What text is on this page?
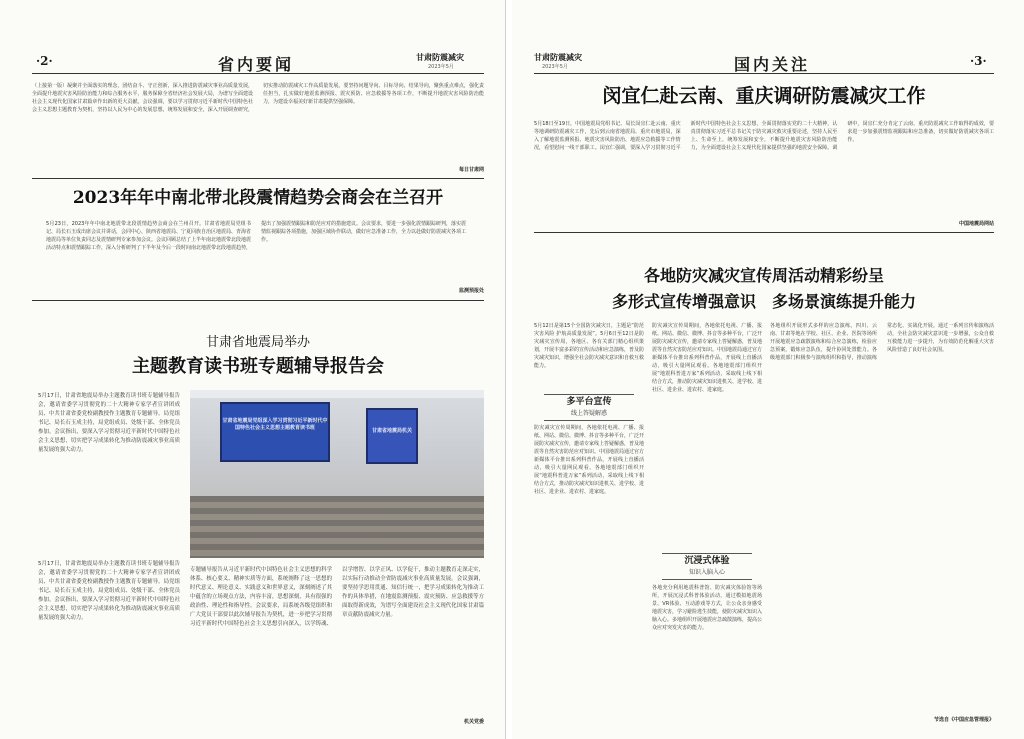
·2·	省内要闻	甘肃防震减灾
2023年5月
（上接第一版）凝聚并全面落实的理念，团结奋斗、守正创新，深入推进防震减灾事业高质量发展，全面提升地震灾害风险防治能力和综合服务水平，服务保障全省经济社会发展大局，为谱写全面建设社会主义现代化国家甘肃篇章作出新的更大贡献。会议强调，要以学习贯彻习近平新时代中国特色社会主义思想主题教育为契机，坚持以人民为中心的发展思想，统筹发展和安全，深入开展调查研究，切实推动防震减灾工作高质量发展。要坚持问题导向、目标导向、结果导向，聚焦重点难点，强化责任担当，扎实做好地震监测预报、震灾预防、应急救援等各项工作，不断提升地震灾害风险防治能力，为建设幸福美好新甘肃提供坚强保障。
每日甘肃网
2023年年中南北带北段震情趋势会商会在兰召开
5月23日，2023年年中南北地震带北段震情趋势会商会在兰州召开。甘肃省地震局党组书记、局长石玉成出席会议并讲话，会同中心、陕西省地震局、宁夏回族自治区地震局、青海省地震局等单位负责同志及震情研判专家参加会议。会议回顾总结了上半年南北地震带北段地震活动特点和震情跟踪工作，深入分析研判了下半年及今后一段时间南北地震带北段地震趋势，提出了加强震情跟踪和防范应对的措施建议。会议要求，要进一步强化震情跟踪研判，落实震情监视跟踪各项措施，加强区域协作联动，做好应急准备工作，全力以赴做好防震减灾各项工作。
监测预报处
甘肃省地震局举办
主题教育读书班专题辅导报告会
5月17日，甘肃省地震局举办主题教育读书班专题辅导报告会，邀请省委学习贯彻党的二十大精神专家学者宣讲团成员、中共甘肃省委党校副教授作主题教育专题辅导。局党组书记、局长石玉成主持，局党组成员、处级干部、全体党员参加。会议指出，要深入学习贯彻习近平新时代中国特色社会主义思想，切实把学习成果转化为推动防震减灾事业高质量发展的强大动力。
甘肃省地震局党组深入学习贯彻习近平新时代中国特色社会主义思想主题教育读书班	甘肃省地震局机关
5月17日，甘肃省地震局举办主题教育读书班专题辅导报告会，邀请省委学习贯彻党的二十大精神专家学者宣讲团成员、中共甘肃省委党校副教授作主题教育专题辅导。局党组书记、局长石玉成主持，局党组成员、处级干部、全体党员参加。会议指出，要深入学习贯彻习近平新时代中国特色社会主义思想，切实把学习成果转化为推动防震减灾事业高质量发展的强大动力。
专题辅导报告从习近平新时代中国特色社会主义思想的科学体系、核心要义、精神实质等方面，系统阐释了这一思想的时代意义、理论意义、实践意义和世界意义，深刻阐述了其中蕴含的立场观点方法，内容丰富，思想深刻，具有很强的政治性、理论性和指导性。会议要求，局系统各级党组织和广大党员干部要以此次辅导报告为契机，进一步把学习贯彻习近平新时代中国特色社会主义思想引向深入，以学铸魂、以学增智、以学正风、以学促干，推动主题教育走深走实，以实际行动推动全省防震减灾事业高质量发展。会议强调，要坚持学思用贯通、知信行统一，把学习成果转化为推动工作的具体举措，在地震监测预报、震灾预防、应急救援等方面取得新成效，为谱写全面建设社会主义现代化国家甘肃篇章贡献防震减灾力量。
机关党委
甘肃防震减灾
2023年5月	国内关注	·3·
闵宜仁赴云南、重庆调研防震减灾工作
5月18日至19日，中国地震局党组书记、局长闵宜仁赴云南、重庆等地调研防震减灾工作，先后到云南省地震局、重庆市地震局，深入了解地震监测预报、地震灾害风险防治、地震应急救援等工作情况，看望慰问一线干部职工。闵宜仁强调，要深入学习贯彻习近平新时代中国特色社会主义思想，全面贯彻落实党的二十大精神，认真贯彻落实习近平总书记关于防灾减灾救灾重要论述，坚持人民至上、生命至上，统筹发展和安全，不断提升地震灾害风险防治能力，为全面建设社会主义现代化国家提供坚强的地震安全保障。调研中，闵宜仁充分肯定了云南、重庆防震减灾工作取得的成效，要求进一步加强震情监视跟踪和应急准备，切实做好防震减灾各项工作。
中国地震局网站
各地防灾减灾宣传周活动精彩纷呈
多形式宣传增强意识　多场景演练提升能力
5月12日是第15个全国防灾减灾日，主题是“防范灾害风险 护航高质量发展”。5月6日至12日是防灾减灾宣传周，各地区、各有关部门精心组织策划，开展丰富多彩的宣传活动和应急演练，普及防灾减灾知识，增强全社会防灾减灾意识和自救互救能力。
多平台宣传
线上答疑解惑
防灾减灾宣传周期间，各地依托电视、广播、报纸、网站、微信、微博、抖音等多种平台，广泛开展防灾减灾宣传，邀请专家线上答疑解惑，普及地震等自然灾害防范应对知识。中国地震局通过官方新媒体平台推出系列科普作品，开展线上直播活动，吸引大量网民观看。各地地震部门组织开展“地震科普进万家”系列活动，采取线上线下相结合方式，推动防灾减灾知识进机关、进学校、进社区、进企业、进农村、进家庭。
防灾减灾宣传周期间，各地依托电视、广播、报纸、网站、微信、微博、抖音等多种平台，广泛开展防灾减灾宣传，邀请专家线上答疑解惑，普及地震等自然灾害防范应对知识。中国地震局通过官方新媒体平台推出系列科普作品，开展线上直播活动，吸引大量网民观看。各地地震部门组织开展“地震科普进万家”系列活动，采取线上线下相结合方式，推动防灾减灾知识进机关、进学校、进社区、进企业、进农村、进家庭。
沉浸式体验
知识入脑入心
各地充分利用地震科普馆、防灾减灾体验馆等场所，开展沉浸式科普体验活动，通过模拟地震场景、VR体验、互动游戏等方式，让公众亲身感受地震灾害，学习避险逃生技能，使防灾减灾知识入脑入心。多地组织开展地震应急疏散演练，提高公众应对突发灾害的能力。
各地组织开展形式多样的应急演练。四川、云南、甘肃等地在学校、社区、企业、医院等场所开展地震应急疏散演练和综合应急演练，检验应急预案，锻炼应急队伍，提升协同处置能力。各级地震部门积极参与演练组织和指导，推动演练常态化、实战化开展。通过一系列宣传和演练活动，全社会防灾减灾意识进一步增强，公众自救互救能力进一步提升，为有效防范化解重大灾害风险营造了良好社会氛围。
节选自《中国应急管理报》
